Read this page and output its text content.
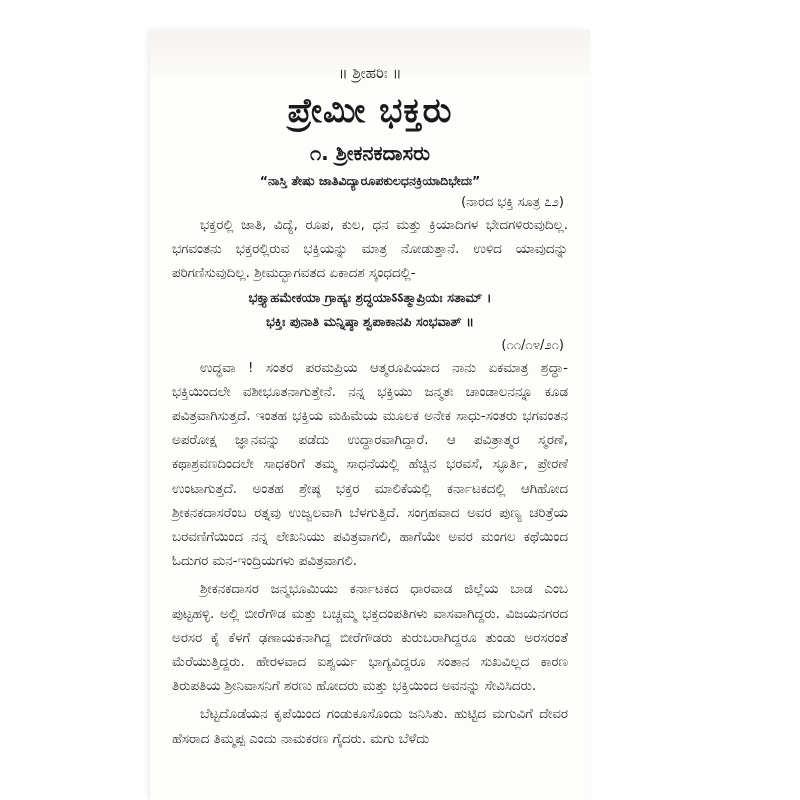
॥ ಶ್ರೀಹರಿಃ ॥

ಪ್ರೇಮೀ ಭಕ್ತರು
೧. ಶ್ರೀಕನಕದಾಸರು

“ನಾಸ್ತಿ ತೇಷು ಜಾತಿವಿದ್ಯಾರೂಪಕುಲಧನಕ್ರಿಯಾದಿಭೇದಃ”

(ನಾರದ ಭಕ್ತಿ ಸೂತ್ರ ೭೨)

ಭಕ್ತರಲ್ಲಿ ಜಾತಿ, ವಿದ್ಯೆ, ರೂಪ, ಕುಲ, ಧನ ಮತ್ತು ಕ್ರಿಯಾದಿಗಳ ಭೇದಗಳಿರುವುದಿಲ್ಲ. ಭಗವಂತನು ಭಕ್ತರಲ್ಲಿರುವ ಭಕ್ತಿಯನ್ನು ಮಾತ್ರ ನೋಡುತ್ತಾನೆ. ಉಳಿದ ಯಾವುದನ್ನು ಪರಿಗಣಿಸುವುದಿಲ್ಲ. ಶ್ರೀಮದ್ಭಾಗವತದ ಏಕಾದಶ ಸ್ಕಂಧದಲ್ಲಿ-

ಭಕ್ತ್ಯಾಹಮೇಕಯಾ ಗ್ರಾಹ್ಯಃ ಶ್ರದ್ಧಯಾऽऽತ್ಮಾಪ್ರಿಯಃ ಸತಾಮ್ ।

ಭಕ್ತಿಃ ಪುನಾತಿ ಮನ್ನಿಷ್ಠಾ ಶ್ವಪಾಕಾನಪಿ ಸಂಭವಾತ್ ॥

(೧೧/೧೪/೨೧)

ಉದ್ಧವಾ ! ಸಂತರ ಪರಮಪ್ರಿಯ ಆತ್ಮರೂಪಿಯಾದ ನಾನು ಏಕಮಾತ್ರ ಶ್ರದ್ಧಾ-ಭಕ್ತಿಯಿಂದಲೇ ವಶೀಭೂತನಾಗುತ್ತೇನೆ. ನನ್ನ ಭಕ್ತಿಯು ಜನ್ಮತಃ ಚಾಂಡಾಲನನ್ನೂ ಕೂಡ ಪವಿತ್ರವಾಗಿಸುತ್ತದೆ. ಇಂತಹ ಭಕ್ತಿಯ ಮಹಿಮೆಯ ಮೂಲಕ ಅನೇಕ ಸಾಧು-ಸಂತರು ಭಗವಂತನ ಅಪರೋಕ್ಷ ಜ್ಞಾನವನ್ನು ಪಡೆದು ಉದ್ಧಾರವಾಗಿದ್ದಾರೆ. ಆ ಪವಿತ್ರಾತ್ಮರ ಸ್ಮರಣೆ, ಕಥಾಶ್ರವಣದಿಂದಲೇ ಸಾಧಕರಿಗೆ ತಮ್ಮ ಸಾಧನೆಯಲ್ಲಿ ಹೆಚ್ಚಿನ ಭರವಸೆ, ಸ್ಫೂರ್ತಿ, ಪ್ರೇರಣೆ ಉಂಟಾಗುತ್ತದೆ. ಅಂತಹ ಶ್ರೇಷ್ಠ ಭಕ್ತರ ಮಾಲಿಕೆಯಲ್ಲಿ ಕರ್ನಾಟಕದಲ್ಲಿ ಆಗಿಹೋದ ಶ್ರೀಕನಕದಾಸರೆಂಬ ರತ್ನವು ಉಜ್ವಲವಾಗಿ ಬೆಳಗುತ್ತಿದೆ. ಸಂಗ್ರಹವಾದ ಅವರ ಪುಣ್ಯ ಚರಿತ್ರೆಯ ಬರವಣಿಗೆಯಿಂದ ನನ್ನ ಲೇಖನಿಯು ಪವಿತ್ರವಾಗಲಿ, ಹಾಗೆಯೇ ಅವರ ಮಂಗಲ ಕಥೆಯಿಂದ ಓದುಗರ ಮನ-ಇಂದ್ರಿಯಗಳು ಪವಿತ್ರವಾಗಲಿ.

ಶ್ರೀಕನಕದಾಸರ ಜನ್ಮಭೂಮಿಯು ಕರ್ನಾಟಕದ ಧಾರವಾಡ ಜಿಲ್ಲೆಯ ಬಾಡ ಎಂಬ ಪುಟ್ಟಹಳ್ಳಿ. ಅಲ್ಲಿ ಬೀರೆಗೌಡ ಮತ್ತು ಬಚ್ಚಮ್ಮ ಭಕ್ತದಂಪತಿಗಳು ವಾಸವಾಗಿದ್ದರು. ವಿಜಯನಗರದ ಅರಸರ ಕೈ ಕೆಳಗೆ ಢಣಾಯಕನಾಗಿದ್ದ ಬೀರೆಗೌಡರು ಕುರುಬರಾಗಿದ್ದರೂ ತುಂಡು ಅರಸರಂತೆ ಮೆರೆಯುತ್ತಿದ್ದರು. ಹೇರಳವಾದ ಐಶ್ವರ್ಯ ಭಾಗ್ಯವಿದ್ದರೂ ಸಂತಾನ ಸುಖವಿಲ್ಲದ ಕಾರಣ ತಿರುಪತಿಯ ಶ್ರೀನಿವಾಸನಿಗೆ ಶರಣು ಹೋದರು ಮತ್ತು ಭಕ್ತಿಯಿಂದ ಅವನನ್ನು ಸೇವಿಸಿದರು.

ಬೆಟ್ಟದೊಡೆಯನ ಕೃಪೆಯಿಂದ ಗಂಡುಕೂಸೊಂದು ಜನಿಸಿತು. ಹುಟ್ಟಿದ ಮಗುವಿಗೆ ದೇವರ ಹೆಸರಾದ ತಿಮ್ಮಪ್ಪ ಎಂದು ನಾಮಕರಣ ಗೈದರು. ಮಗು ಬೆಳೆದು
